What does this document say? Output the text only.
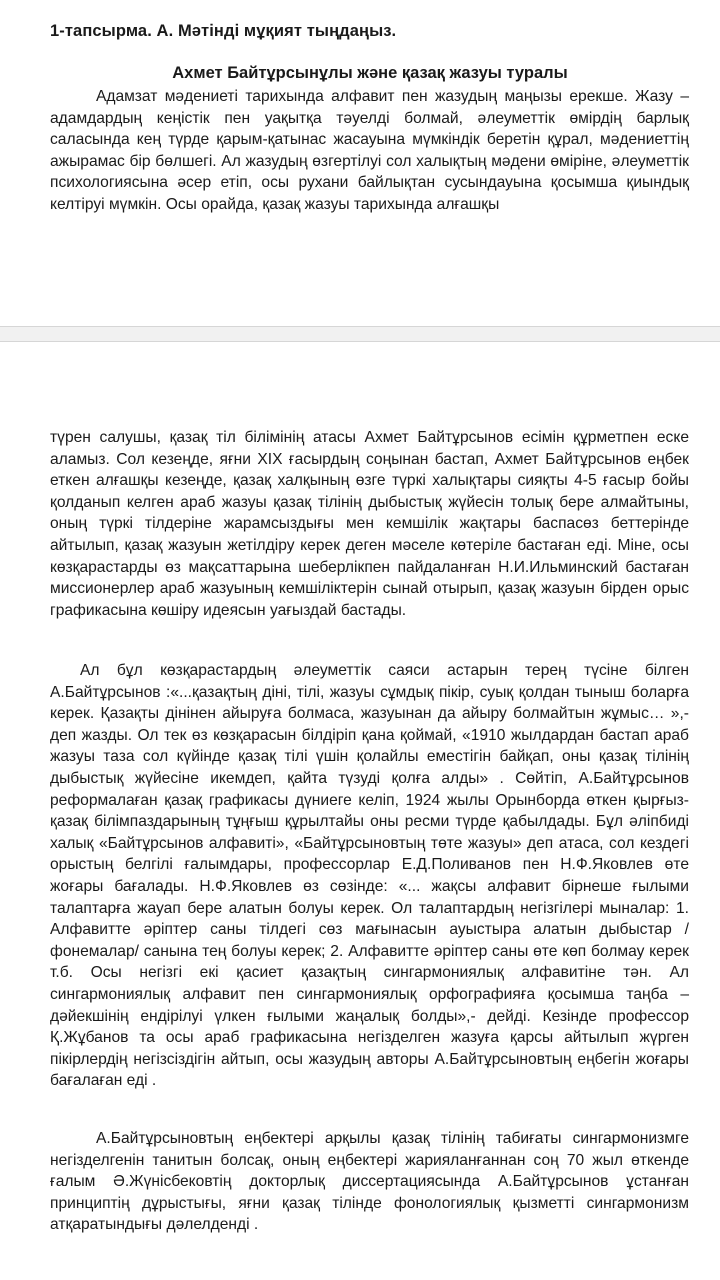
1-тапсырма. А. Мәтінді мұқият тыңдаңыз.
Ахмет Байтұрсынұлы және қазақ жазуы туралы

Адамзат мәдениеті тарихында алфавит пен жазудың маңызы ерекше. Жазу – адамдардың кеңістік пен уақытқа тәуелді болмай, әлеуметтік өмірдің барлық саласында кең түрде қарым-қатынас жасауына мүмкіндік беретін құрал, мәдениеттің ажырамас бір бөлшегі. Ал жазудың өзгертілуі сол халықтың мәдени өміріне, әлеуметтік психологиясына әсер етіп, осы рухани байлықтан сусындауына қосымша қиындық келтіруі мүмкін. Осы орайда, қазақ жазуы тарихында алғашқы

түрен салушы, қазақ тіл білімінің атасы Ахмет Байтұрсынов есімін құрметпен еске аламыз. Сол кезеңде, яғни XIX ғасырдың соңынан бастап, Ахмет Байтұрсынов еңбек еткен алғашқы кезеңде, қазақ халқының өзге түркі халықтары сияқты 4-5 ғасыр бойы қолданып келген араб жазуы қазақ тілінің дыбыстық жүйесін толық бере алмайтыны, оның түркі тілдеріне жарамсыздығы мен кемшілік жақтары баспасөз беттерінде айтылып, қазақ жазуын жетілдіру керек деген мәселе көтеріле бастаған еді. Міне, осы көзқарастарды өз мақсаттарына шеберлікпен пайдаланған Н.И.Ильминский бастаған миссионерлер араб жазуының кемшіліктерін сынай отырып, қазақ жазуын бірден орыс графикасына көшіру идеясын уағыздай бастады.

Ал бұл көзқарастардың әлеуметтік саяси астарын терең түсіне білген А.Байтұрсынов :«...қазақтың діні, тілі, жазуы сұмдық пікір, суық қолдан тыныш боларға керек. Қазақты дінінен айыруға болмаса, жазуынан да айыру болмайтын жұмыс… »,- деп жазды. Ол тек өз көзқарасын білдіріп қана қоймай, «1910 жылдардан бастап араб жазуы таза сол күйінде қазақ тілі үшін қолайлы еместігін байқап, оны қазақ тілінің дыбыстық жүйесіне икемдеп, қайта түзуді қолға алды» . Сөйтіп, А.Байтұрсынов реформалаған қазақ графикасы дүниеге келіп, 1924 жылы Орынборда өткен қырғыз-қазақ білімпаздарының тұңғыш құрылтайы оны ресми түрде қабылдады. Бұл әліпбиді халық «Байтұрсынов алфавиті», «Байтұрсыновтың төте жазуы» деп атаса, сол кездегі орыстың белгілі ғалымдары, профессорлар Е.Д.Поливанов пен Н.Ф.Яковлев өте жоғары бағалады. Н.Ф.Яковлев өз сөзінде: «... жақсы алфавит бірнеше ғылыми талаптарға жауап бере алатын болуы керек. Ол талаптардың негізгілері мыналар: 1. Алфавитте әріптер саны тілдегі сөз мағынасын ауыстыра алатын дыбыстар /фонемалар/ санына тең болуы керек; 2. Алфавитте әріптер саны өте көп болмау керек т.б. Осы негізгі екі қасиет қазақтың сингармониялық алфавитіне тән. Ал сингармониялық алфавит пен сингармониялық орфографияға қосымша таңба – дәйекшінің ендірілуі үлкен ғылыми жаңалық болды»,- дейді. Кезінде профессор Қ.Жұбанов та осы араб графикасына негізделген жазуға қарсы айтылып жүрген пікірлердің негізсіздігін айтып, осы жазудың авторы А.Байтұрсыновтың еңбегін жоғары бағалаған еді .

А.Байтұрсыновтың еңбектері арқылы қазақ тілінің табиғаты сингармонизмге негізделгенін танитын болсақ, оның еңбектері жарияланғаннан соң 70 жыл өткенде ғалым Ә.Жүнісбековтің докторлық диссертациясында А.Байтұрсынов ұстанған принциптің дұрыстығы, яғни қазақ тілінде фонологиялық қызметті сингармонизм атқаратындығы дәлелденді .
